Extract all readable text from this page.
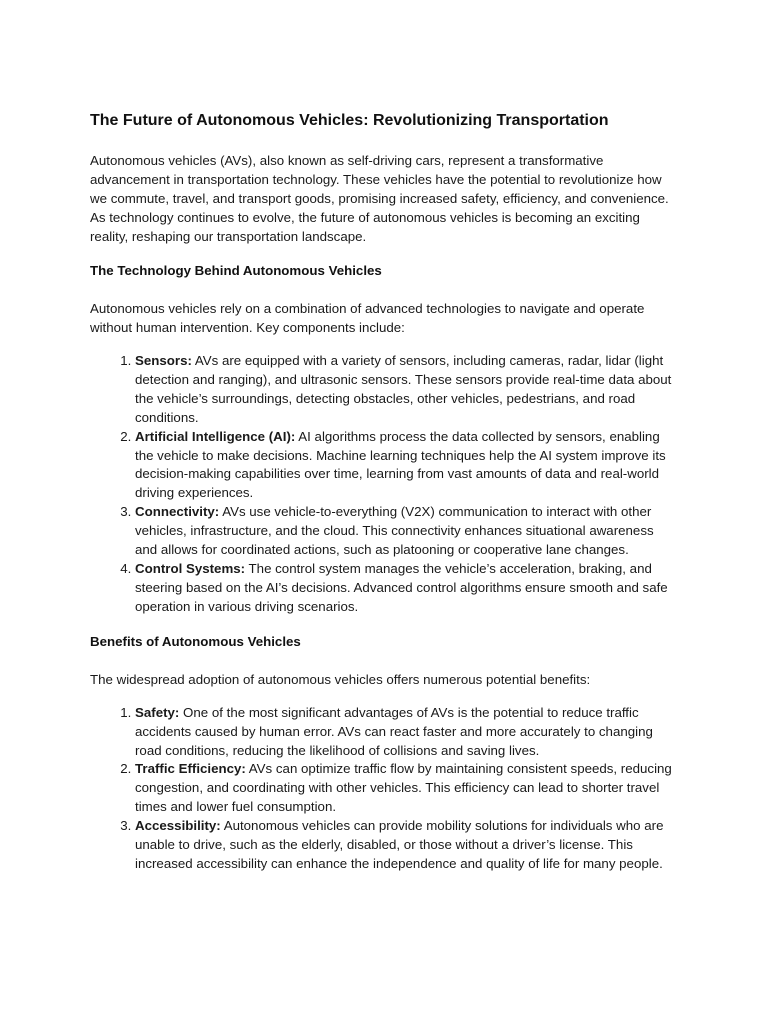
The Future of Autonomous Vehicles: Revolutionizing Transportation

Autonomous vehicles (AVs), also known as self-driving cars, represent a transformative advancement in transportation technology. These vehicles have the potential to revolutionize how we commute, travel, and transport goods, promising increased safety, efficiency, and convenience. As technology continues to evolve, the future of autonomous vehicles is becoming an exciting reality, reshaping our transportation landscape.

The Technology Behind Autonomous Vehicles

Autonomous vehicles rely on a combination of advanced technologies to navigate and operate without human intervention. Key components include:

1. Sensors: AVs are equipped with a variety of sensors, including cameras, radar, lidar (light detection and ranging), and ultrasonic sensors. These sensors provide real-time data about the vehicle’s surroundings, detecting obstacles, other vehicles, pedestrians, and road conditions.
2. Artificial Intelligence (AI): AI algorithms process the data collected by sensors, enabling the vehicle to make decisions. Machine learning techniques help the AI system improve its decision-making capabilities over time, learning from vast amounts of data and real-world driving experiences.
3. Connectivity: AVs use vehicle-to-everything (V2X) communication to interact with other vehicles, infrastructure, and the cloud. This connectivity enhances situational awareness and allows for coordinated actions, such as platooning or cooperative lane changes.
4. Control Systems: The control system manages the vehicle’s acceleration, braking, and steering based on the AI’s decisions. Advanced control algorithms ensure smooth and safe operation in various driving scenarios.
Benefits of Autonomous Vehicles

The widespread adoption of autonomous vehicles offers numerous potential benefits:

1. Safety: One of the most significant advantages of AVs is the potential to reduce traffic accidents caused by human error. AVs can react faster and more accurately to changing road conditions, reducing the likelihood of collisions and saving lives.
2. Traffic Efficiency: AVs can optimize traffic flow by maintaining consistent speeds, reducing congestion, and coordinating with other vehicles. This efficiency can lead to shorter travel times and lower fuel consumption.
3. Accessibility: Autonomous vehicles can provide mobility solutions for individuals who are unable to drive, such as the elderly, disabled, or those without a driver’s license. This increased accessibility can enhance the independence and quality of life for many people.
